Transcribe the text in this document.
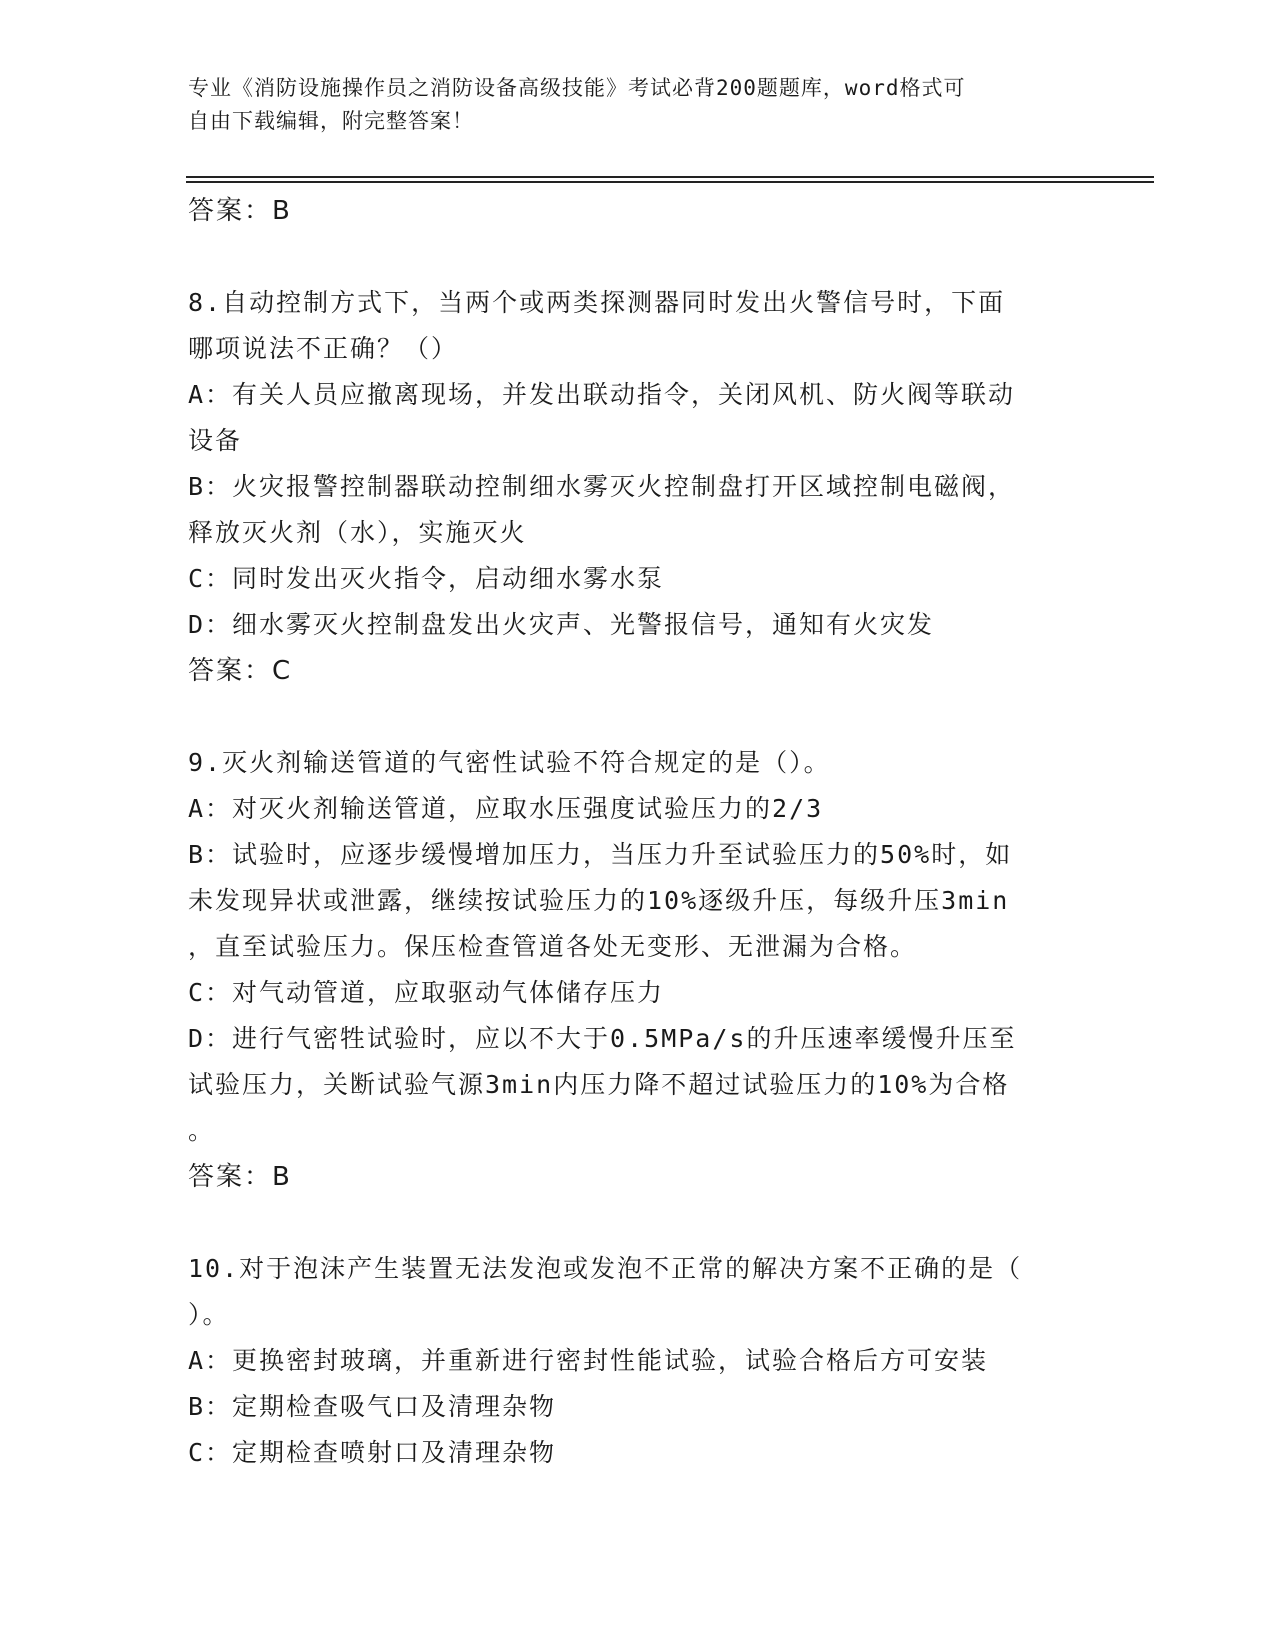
专业《消防设施操作员之消防设备高级技能》考试必背200题题库，word格式可
自由下载编辑，附完整答案！
答案：B
8.自动控制方式下，当两个或两类探测器同时发出火警信号时，下面
哪项说法不正确？（）
A：有关人员应撤离现场，并发出联动指令，关闭风机、防火阀等联动
设备
B：火灾报警控制器联动控制细水雾灭火控制盘打开区域控制电磁阀，
释放灭火剂（水），实施灭火
C：同时发出灭火指令，启动细水雾水泵
D：细水雾灭火控制盘发出火灾声、光警报信号，通知有火灾发
答案：C
9.灭火剂输送管道的气密性试验不符合规定的是（）。
A：对灭火剂输送管道，应取水压强度试验压力的2/3
B：试验时，应逐步缓慢增加压力，当压力升至试验压力的50%时，如
未发现异状或泄露，继续按试验压力的10%逐级升压，每级升压3min
，直至试验压力。保压检查管道各处无变形、无泄漏为合格。
C：对气动管道，应取驱动气体储存压力
D：进行气密牲试验时，应以不大于0.5MPa/s的升压速率缓慢升压至
试验压力，关断试验气源3min内压力降不超过试验压力的10%为合格
。
答案：B
10.对于泡沫产生装置无法发泡或发泡不正常的解决方案不正确的是（
）。
A：更换密封玻璃，并重新进行密封性能试验，试验合格后方可安装
B：定期检查吸气口及清理杂物
C：定期检查喷射口及清理杂物
